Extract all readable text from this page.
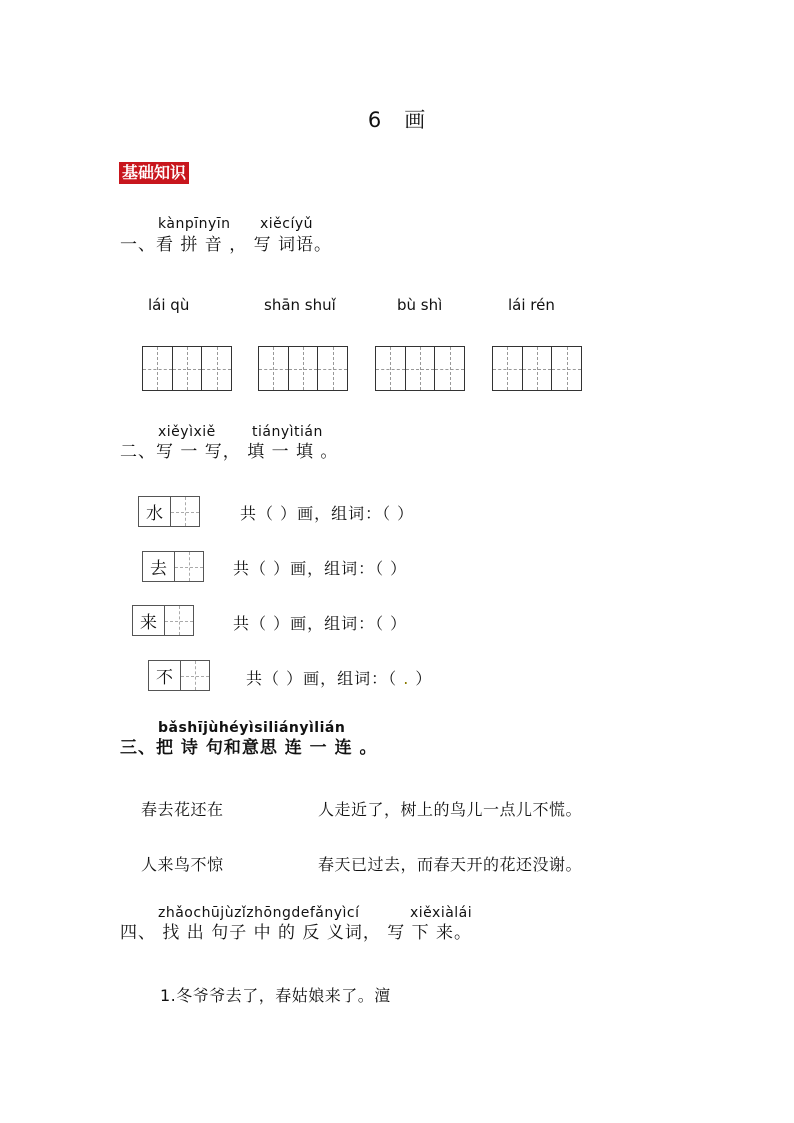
6 画
基础知识
kànpīnyīn xiěcíyǔ
一、看 拼 音 ， 写 词语。
lái qù	shān shuǐ	bù shì	lái rén
xiěyìxiě	tiányìtián
二、写 一 写， 填 一 填 。
水	共（ ）画，组词：（ ）
去	共（ ）画，组词：（ ）
来	共（ ）画，组词：（ ）
不	共（ ）画，组词：（ . ）
bǎshījùhéyìsiliányìlián
三、把 诗 句和意思 连 一 连 。
春去花还在	人走近了，树上的鸟儿一点儿不慌。
人来鸟不惊	春天已过去，而春天开的花还没谢。
zhǎochūjùzǐzhōngdefǎnyìcí	xiěxiàlái
四、 找 出 句子 中 的 反 义词， 写 下 来。
1.冬爷爷去了，春姑娘来了。澶
